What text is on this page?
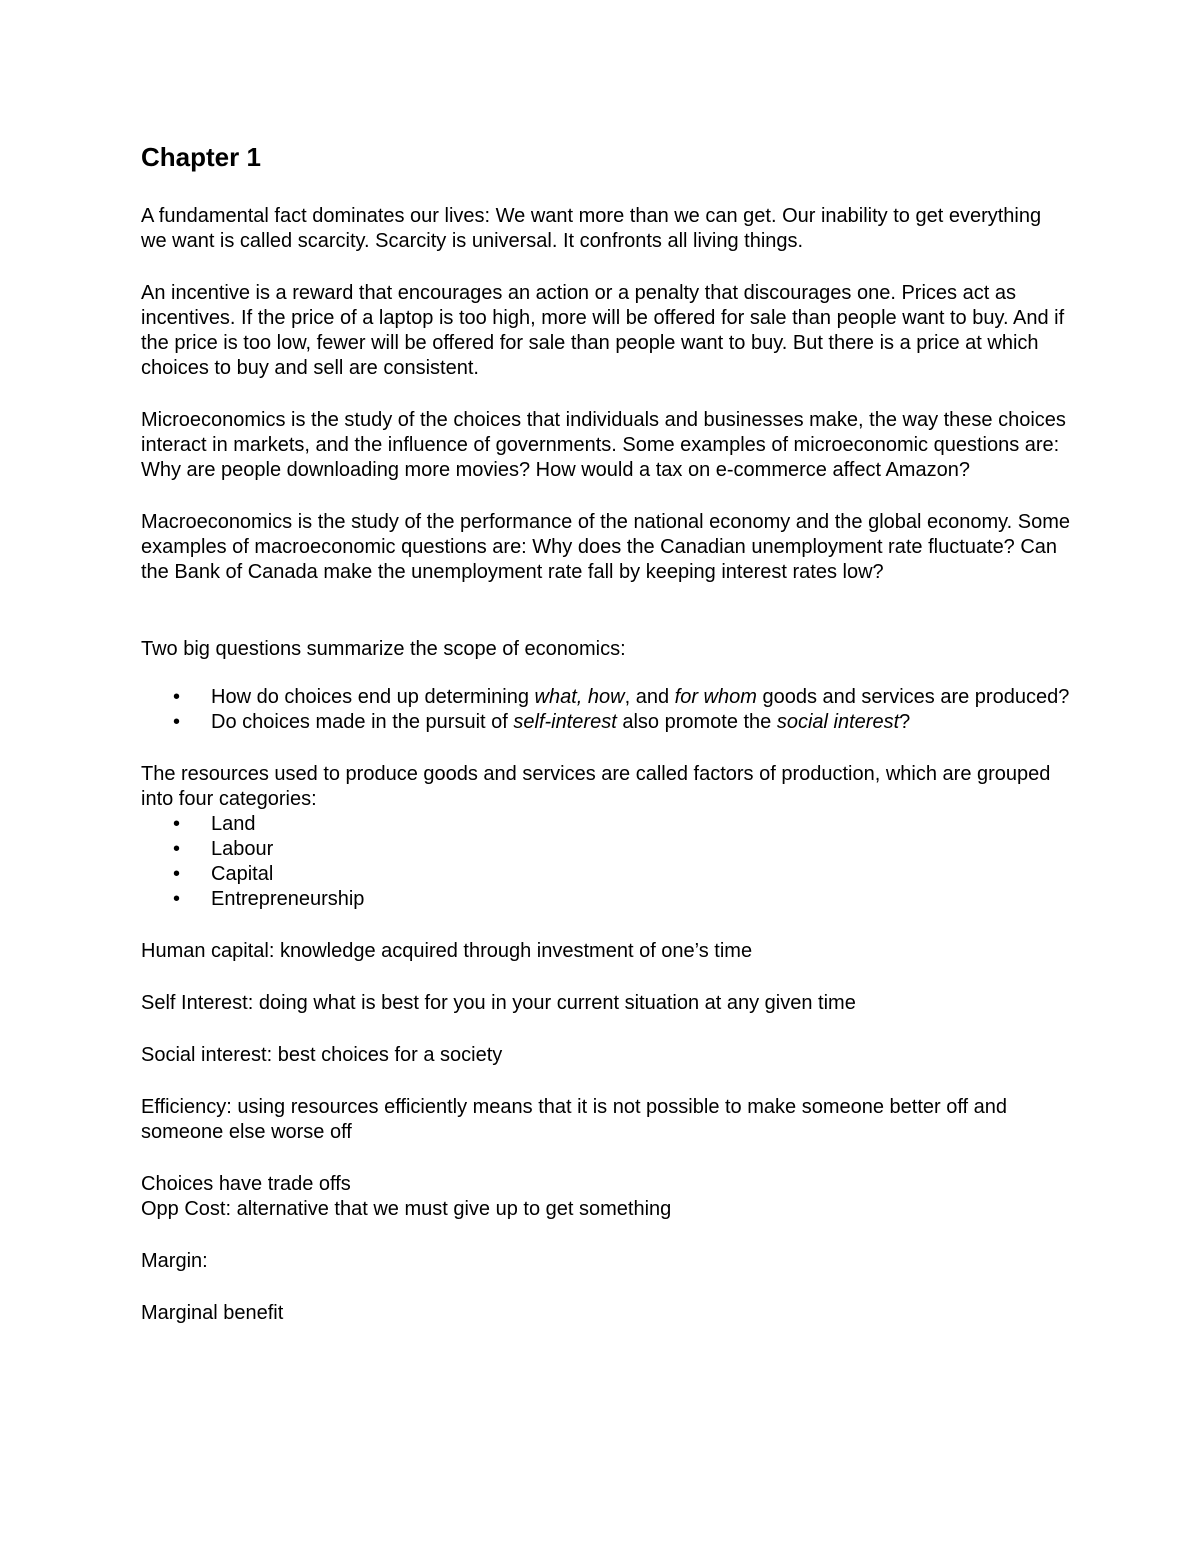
Chapter 1

A fundamental fact dominates our lives: We want more than we can get. Our inability to get everything we want is called scarcity. Scarcity is universal. It confronts all living things.

An incentive is a reward that encourages an action or a penalty that discourages one. Prices act as incentives. If the price of a laptop is too high, more will be offered for sale than people want to buy. And if the price is too low, fewer will be offered for sale than people want to buy. But there is a price at which choices to buy and sell are consistent.

Microeconomics is the study of the choices that individuals and businesses make, the way these choices interact in markets, and the influence of governments. Some examples of microeconomic questions are: Why are people downloading more movies? How would a tax on e-commerce affect Amazon?

Macroeconomics is the study of the performance of the national economy and the global economy. Some examples of macroeconomic questions are: Why does the Canadian unemployment rate fluctuate? Can the Bank of Canada make the unemployment rate fall by keeping interest rates low?

Two big questions summarize the scope of economics:

• How do choices end up determining what, how, and for whom goods and services are produced?
• Do choices made in the pursuit of self-interest also promote the social interest?

The resources used to produce goods and services are called factors of production, which are grouped into four categories:

• Land
• Labour
• Capital
• Entrepreneurship

Human capital: knowledge acquired through investment of one’s time

Self Interest: doing what is best for you in your current situation at any given time

Social interest: best choices for a society

Efficiency: using resources efficiently means that it is not possible to make someone better off and someone else worse off

Choices have trade offs

Opp Cost: alternative that we must give up to get something

Margin:

Marginal benefit
